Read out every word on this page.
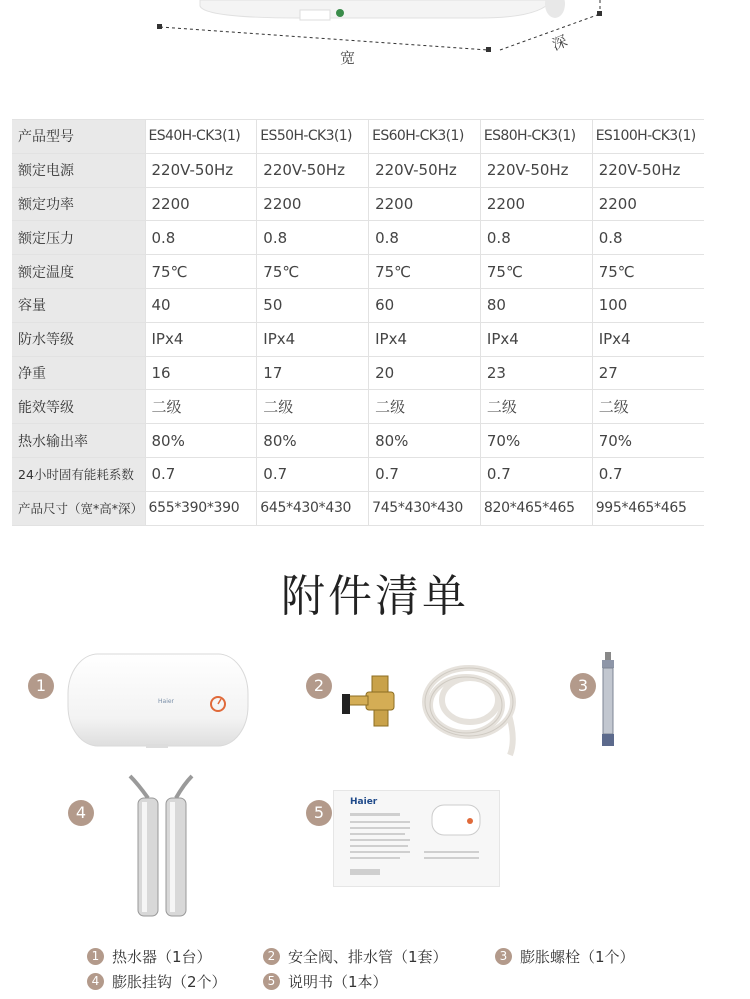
宽
深
产品型号	ES40H-CK3(1)	ES50H-CK3(1)	ES60H-CK3(1)	ES80H-CK3(1)	ES100H-CK3(1)
额定电源	220V-50Hz	220V-50Hz	220V-50Hz	220V-50Hz	220V-50Hz
额定功率	2200	2200	2200	2200	2200
额定压力	0.8	0.8	0.8	0.8	0.8
额定温度	75℃	75℃	75℃	75℃	75℃
容量	40	50	60	80	100
防水等级	IPx4	IPx4	IPx4	IPx4	IPx4
净重	16	17	20	23	27
能效等级	二级	二级	二级	二级	二级
热水输出率	80%	80%	80%	70%	70%
24小时固有能耗系数	0.7	0.7	0.7	0.7	0.7
产品尺寸（宽*高*深）	655*390*390	645*430*430	745*430*430	820*465*465	995*465*465
附件清单
1
Haier
2	3
4	5
Haier
1 热水器（1台）	2 安全阀、排水管（1套）	3 膨胀螺栓（1个）
4 膨胀挂钩（2个）	5 说明书（1本）
